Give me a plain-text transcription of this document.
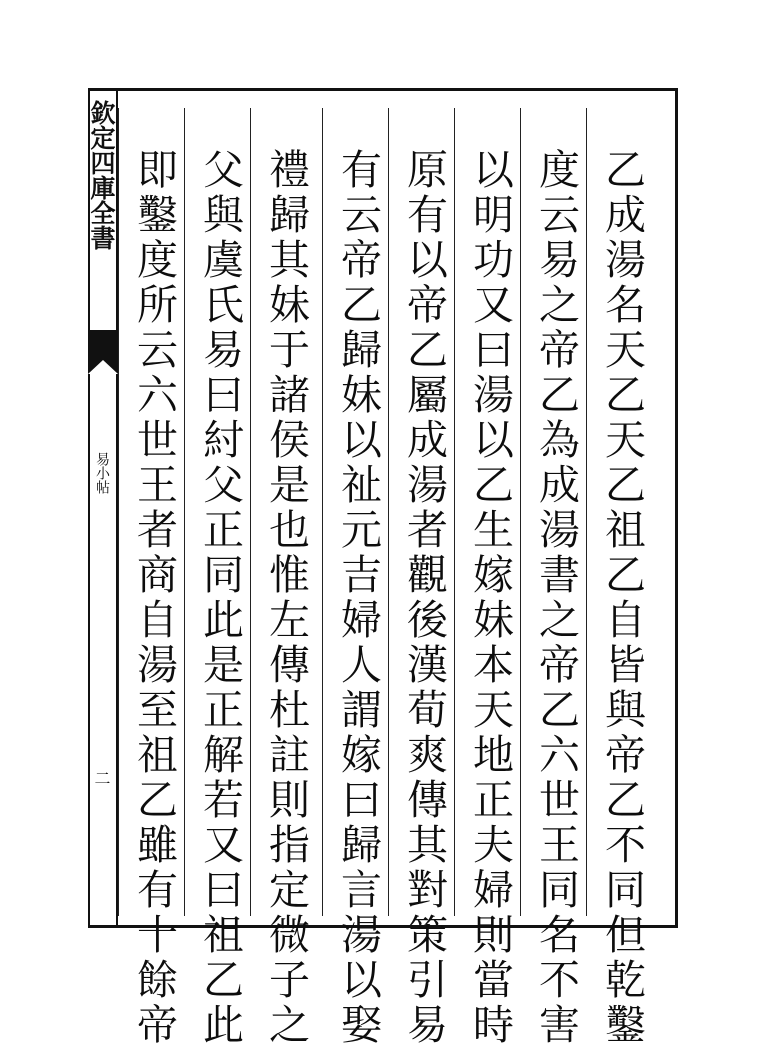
欽定四庫全書
易小帖
二	乙成湯名天乙天乙祖乙自皆與帝乙不同但乾鑿
度云易之帝乙為成湯書之帝乙六世王同名不害
以明功又曰湯以乙生嫁妹本天地正夫婦則當時
原有以帝乙屬成湯者觀後漢荀爽傳其對策引易
有云帝乙歸妹以祉元吉婦人謂嫁曰歸言湯以娶
禮歸其妹于諸侯是也惟左傳杜註則指定微子之
父與虞氏易曰紂父正同此是正解若又曰祖乙此
即鑿度所云六世王者商自湯至祖乙雖有十餘帝
